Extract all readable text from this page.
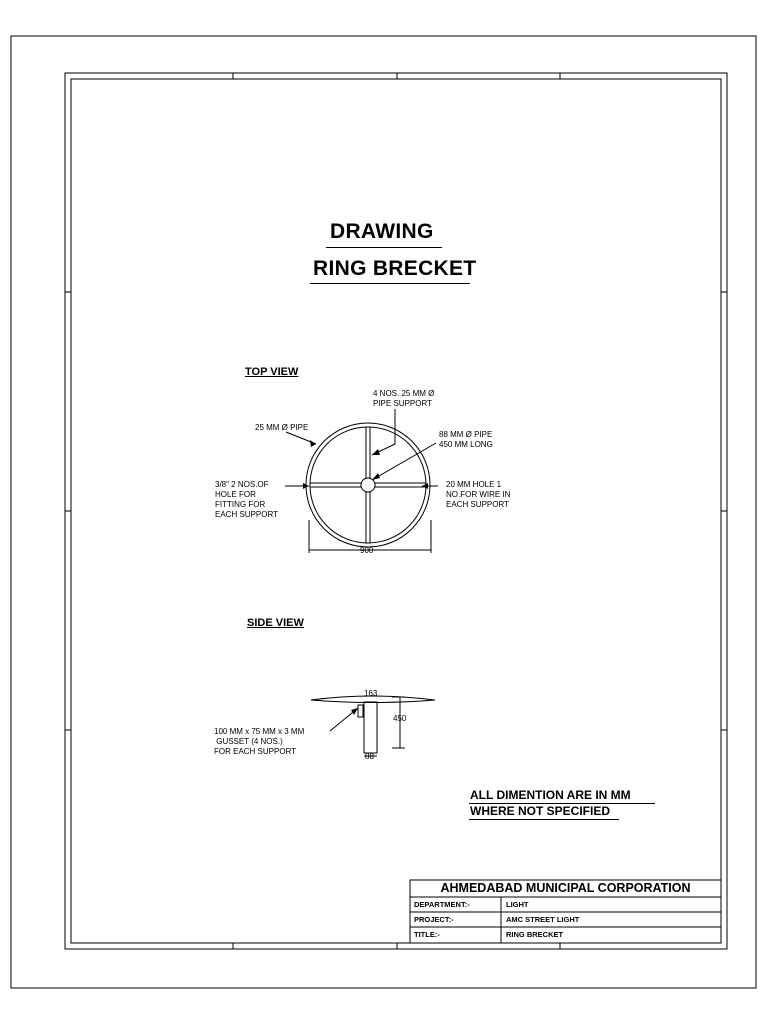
DRAWING
RING BRECKET
TOP VIEW
4 NOS. 25 MM Ø
PIPE SUPPORT
25 MM Ø PIPE
88 MM Ø PIPE
450 MM LONG
3/8" 2 NOS.OF
HOLE FOR
FITTING FOR
EACH SUPPORT
20 MM HOLE 1
NO.FOR WIRE IN
EACH SUPPORT
900
SIDE VIEW
163
450
88
100 MM x 75 MM x 3 MM
GUSSET (4 NOS.)
FOR EACH SUPPORT
ALL DIMENTION ARE IN MM
WHERE NOT SPECIFIED
AHMEDABAD MUNICIPAL CORPORATION
DEPARTMENT:-	LIGHT
PROJECT:-	AMC STREET LIGHT
TITLE:-	RING BRECKET
